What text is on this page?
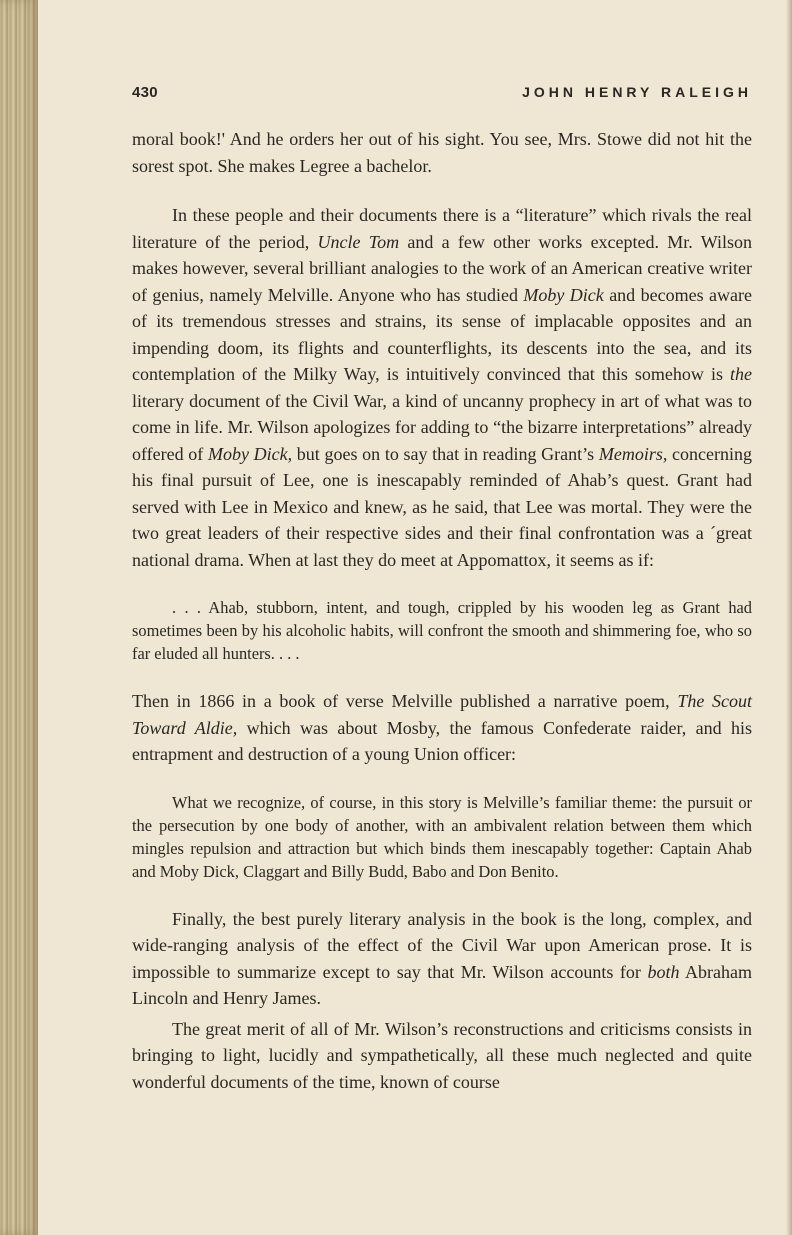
430	JOHN HENRY RALEIGH

moral book!' And he orders her out of his sight. You see, Mrs. Stowe did not hit the sorest spot. She makes Legree a bachelor.

In these people and their documents there is a “literature” which rivals the real literature of the period, Uncle Tom and a few other works excepted. Mr. Wilson makes however, several brilliant analogies to the work of an American creative writer of genius, namely Melville. Anyone who has studied Moby Dick and becomes aware of its tremendous stresses and strains, its sense of implacable opposites and an impending doom, its flights and counterflights, its descents into the sea, and its contemplation of the Milky Way, is intuitively convinced that this somehow is the literary document of the Civil War, a kind of uncanny prophecy in art of what was to come in life. Mr. Wilson apologizes for adding to “the bizarre interpretations” already offered of Moby Dick, but goes on to say that in reading Grant’s Memoirs, concerning his final pursuit of Lee, one is inescapably reminded of Ahab’s quest. Grant had served with Lee in Mexico and knew, as he said, that Lee was mortal. They were the two great leaders of their respective sides and their final confrontation was a ´great national drama. When at last they do meet at Appomattox, it seems as if:

. . . Ahab, stubborn, intent, and tough, crippled by his wooden leg as Grant had sometimes been by his alcoholic habits, will confront the smooth and shimmering foe, who so far eluded all hunters. . . .

Then in 1866 in a book of verse Melville published a narrative poem, The Scout Toward Aldie, which was about Mosby, the famous Confederate raider, and his entrapment and destruction of a young Union officer:

What we recognize, of course, in this story is Melville’s familiar theme: the pursuit or the persecution by one body of another, with an ambivalent relation between them which mingles repulsion and attraction but which binds them inescapably together: Captain Ahab and Moby Dick, Claggart and Billy Budd, Babo and Don Benito.

Finally, the best purely literary analysis in the book is the long, complex, and wide-ranging analysis of the effect of the Civil War upon American prose. It is impossible to summarize except to say that Mr. Wilson accounts for both Abraham Lincoln and Henry James.

The great merit of all of Mr. Wilson’s reconstructions and criticisms consists in bringing to light, lucidly and sympathetically, all these much neglected and quite wonderful documents of the time, known of course
